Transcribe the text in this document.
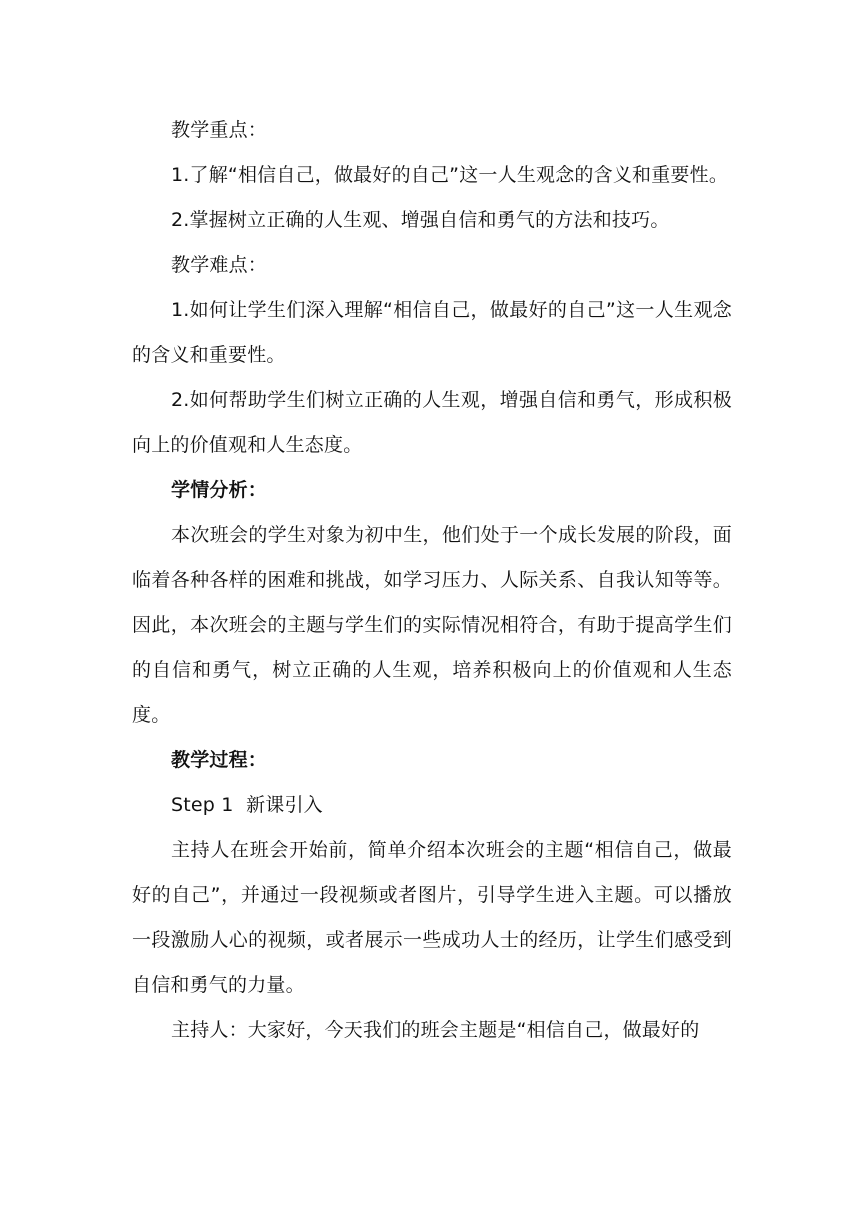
教学重点：

1.了解“相信自己，做最好的自己”这一人生观念的含义和重要性。

2.掌握树立正确的人生观、增强自信和勇气的方法和技巧。

教学难点：

1.如何让学生们深入理解“相信自己，做最好的自己”这一人生观念的含义和重要性。

2.如何帮助学生们树立正确的人生观，增强自信和勇气，形成积极向上的价值观和人生态度。

学情分析：

本次班会的学生对象为初中生，他们处于一个成长发展的阶段，面临着各种各样的困难和挑战，如学习压力、人际关系、自我认知等等。因此，本次班会的主题与学生们的实际情况相符合，有助于提高学生们的自信和勇气，树立正确的人生观，培养积极向上的价值观和人生态度。

教学过程：

Step 1  新课引入

主持人在班会开始前，简单介绍本次班会的主题“相信自己，做最好的自己”，并通过一段视频或者图片，引导学生进入主题。可以播放一段激励人心的视频，或者展示一些成功人士的经历，让学生们感受到自信和勇气的力量。

主持人：大家好，今天我们的班会主题是“相信自己，做最好的
